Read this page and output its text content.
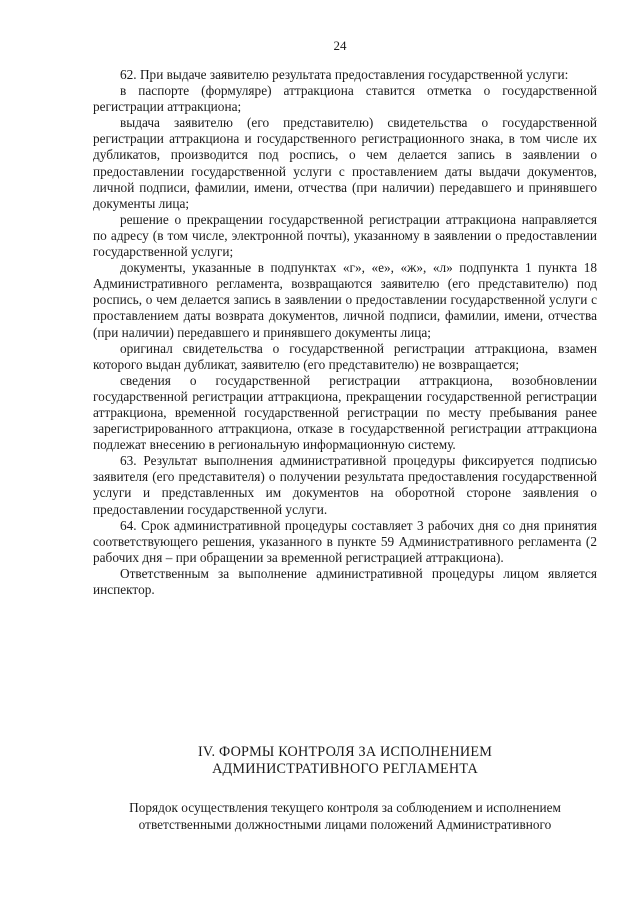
24

62. При выдаче заявителю результата предоставления государственной услуги:

в паспорте (формуляре) аттракциона ставится отметка о государственной регистрации аттракциона;

выдача заявителю (его представителю) свидетельства о государственной регистрации аттракциона и государственного регистрационного знака, в том числе их дубликатов, производится под роспись, о чем делается запись в заявлении о предоставлении государственной услуги с проставлением даты выдачи документов, личной подписи, фамилии, имени, отчества (при наличии) передавшего и принявшего документы лица;

решение о прекращении государственной регистрации аттракциона направляется по адресу (в том числе, электронной почты), указанному в заявлении о предоставлении государственной услуги;

документы, указанные в подпунктах «г», «е», «ж», «л» подпункта 1 пункта 18 Административного регламента, возвращаются заявителю (его представителю) под роспись, о чем делается запись в заявлении о предоставлении государственной услуги с проставлением даты возврата документов, личной подписи, фамилии, имени, отчества (при наличии) передавшего и принявшего документы лица;

оригинал свидетельства о государственной регистрации аттракциона, взамен которого выдан дубликат, заявителю (его представителю) не возвращается;

сведения о государственной регистрации аттракциона, возобновлении государственной регистрации аттракциона, прекращении государственной регистрации аттракциона, временной государственной регистрации по месту пребывания ранее зарегистрированного аттракциона, отказе в государственной регистрации аттракциона подлежат внесению в региональную информационную систему.

63. Результат выполнения административной процедуры фиксируется подписью заявителя (его представителя) о получении результата предоставления государственной услуги и представленных им документов на оборотной стороне заявления о предоставлении государственной услуги.

64. Срок административной процедуры составляет 3 рабочих дня со дня принятия соответствующего решения, указанного в пункте 59 Административного регламента (2 рабочих дня – при обращении за временной регистрацией аттракциона).

Ответственным за выполнение административной процедуры лицом является инспектор.

IV. ФОРМЫ КОНТРОЛЯ ЗА ИСПОЛНЕНИЕМ
АДМИНИСТРАТИВНОГО РЕГЛАМЕНТА
Порядок осуществления текущего контроля за соблюдением и исполнением
ответственными должностными лицами положений Административного
